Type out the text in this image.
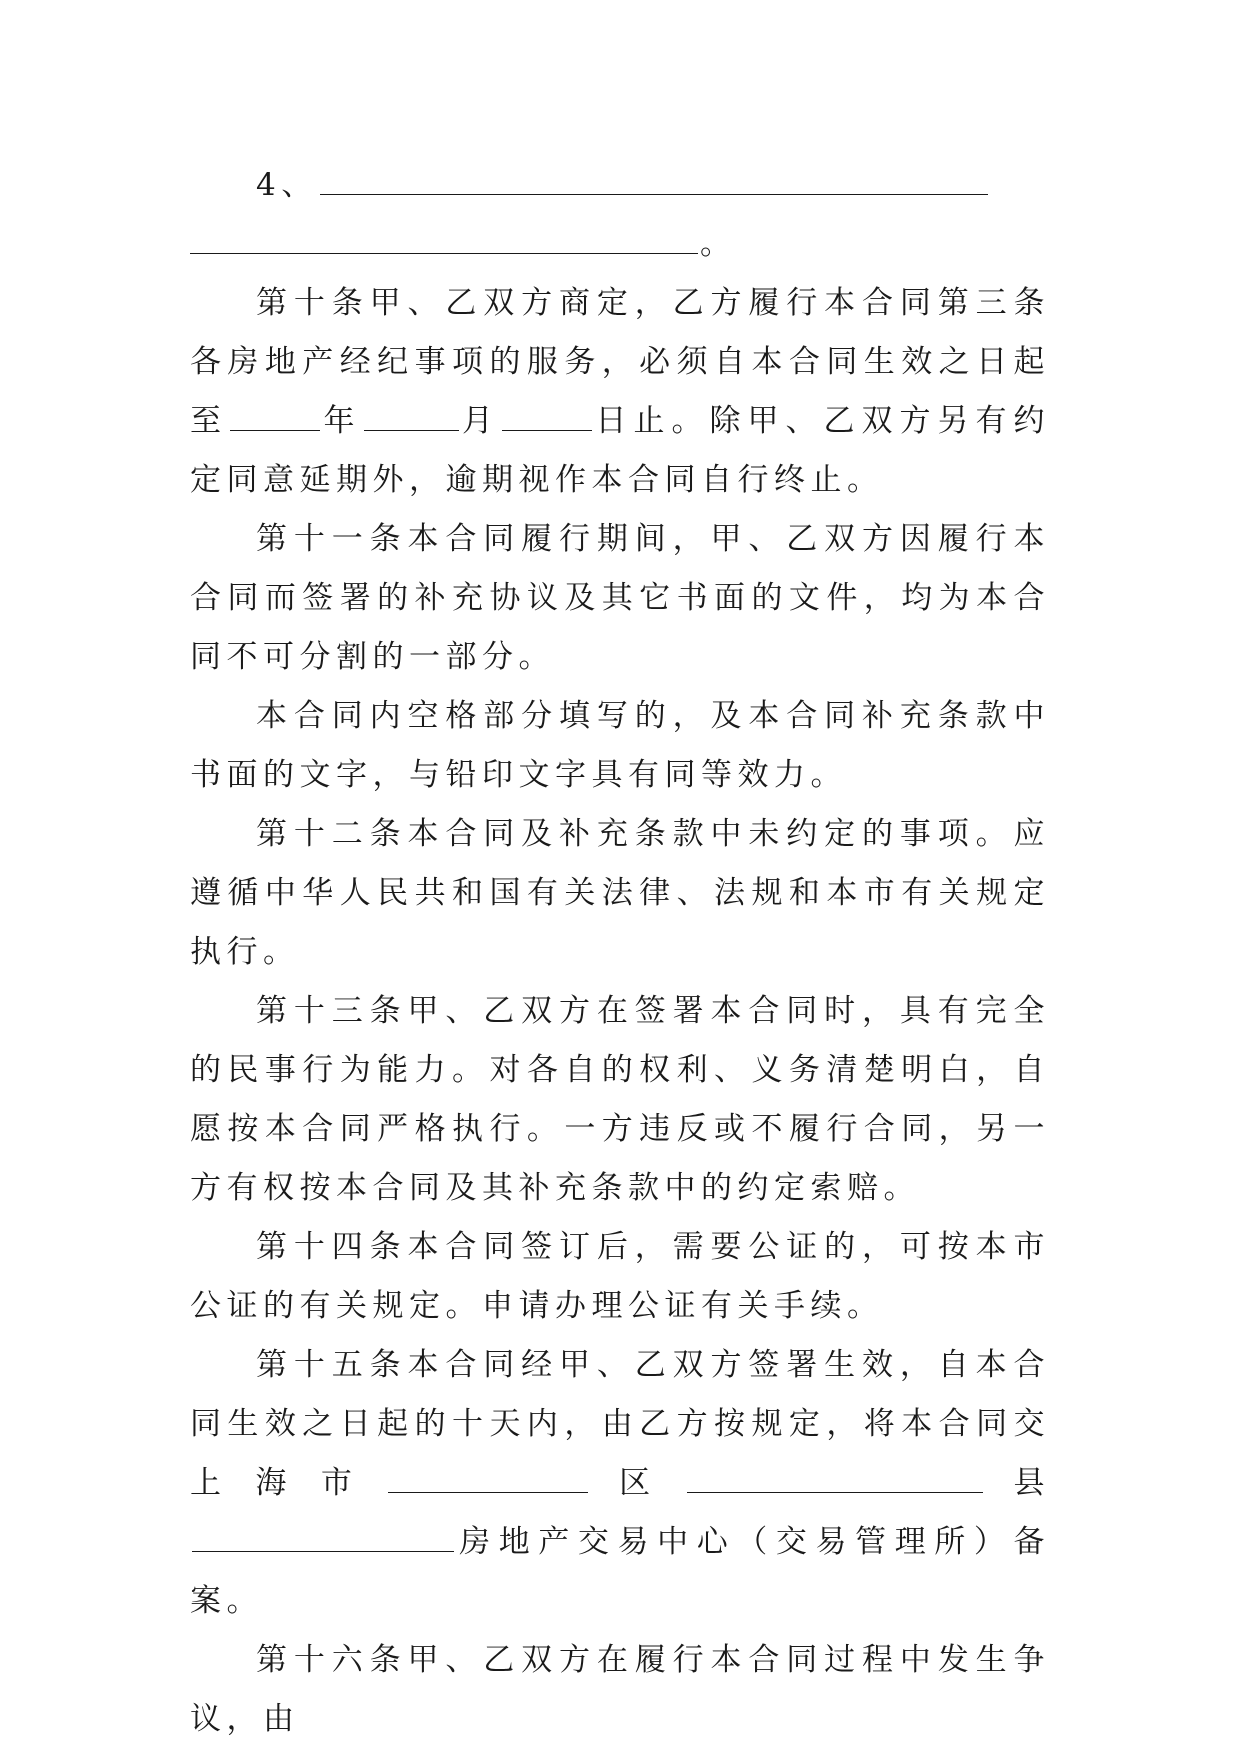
4、
。

第十条甲、乙双方商定，乙方履行本合同第三条各房地产经纪事项的服务，必须自本合同生效之日起至	年	月	日止。除甲、乙双方另有约定同意延期外，逾期视作本合同自行终止。

第十一条本合同履行期间，甲、乙双方因履行本合同而签署的补充协议及其它书面的文件，均为本合同不可分割的一部分。

本合同内空格部分填写的，及本合同补充条款中书面的文字，与铅印文字具有同等效力。

第十二条本合同及补充条款中未约定的事项。应遵循中华人民共和国有关法律、法规和本市有关规定执行。

第十三条甲、乙双方在签署本合同时，具有完全的民事行为能力。对各自的权利、义务清楚明白，自愿按本合同严格执行。一方违反或不履行合同，另一方有权按本合同及其补充条款中的约定索赔。

第十四条本合同签订后，需要公证的，可按本市公证的有关规定。申请办理公证有关手续。

第十五条本合同经甲、乙双方签署生效，自本合同生效之日起的十天内，由乙方按规定，将本合同交上海市	区	县房地产交易中心（交易管理所）备案。

第十六条甲、乙双方在履行本合同过程中发生争议，由
